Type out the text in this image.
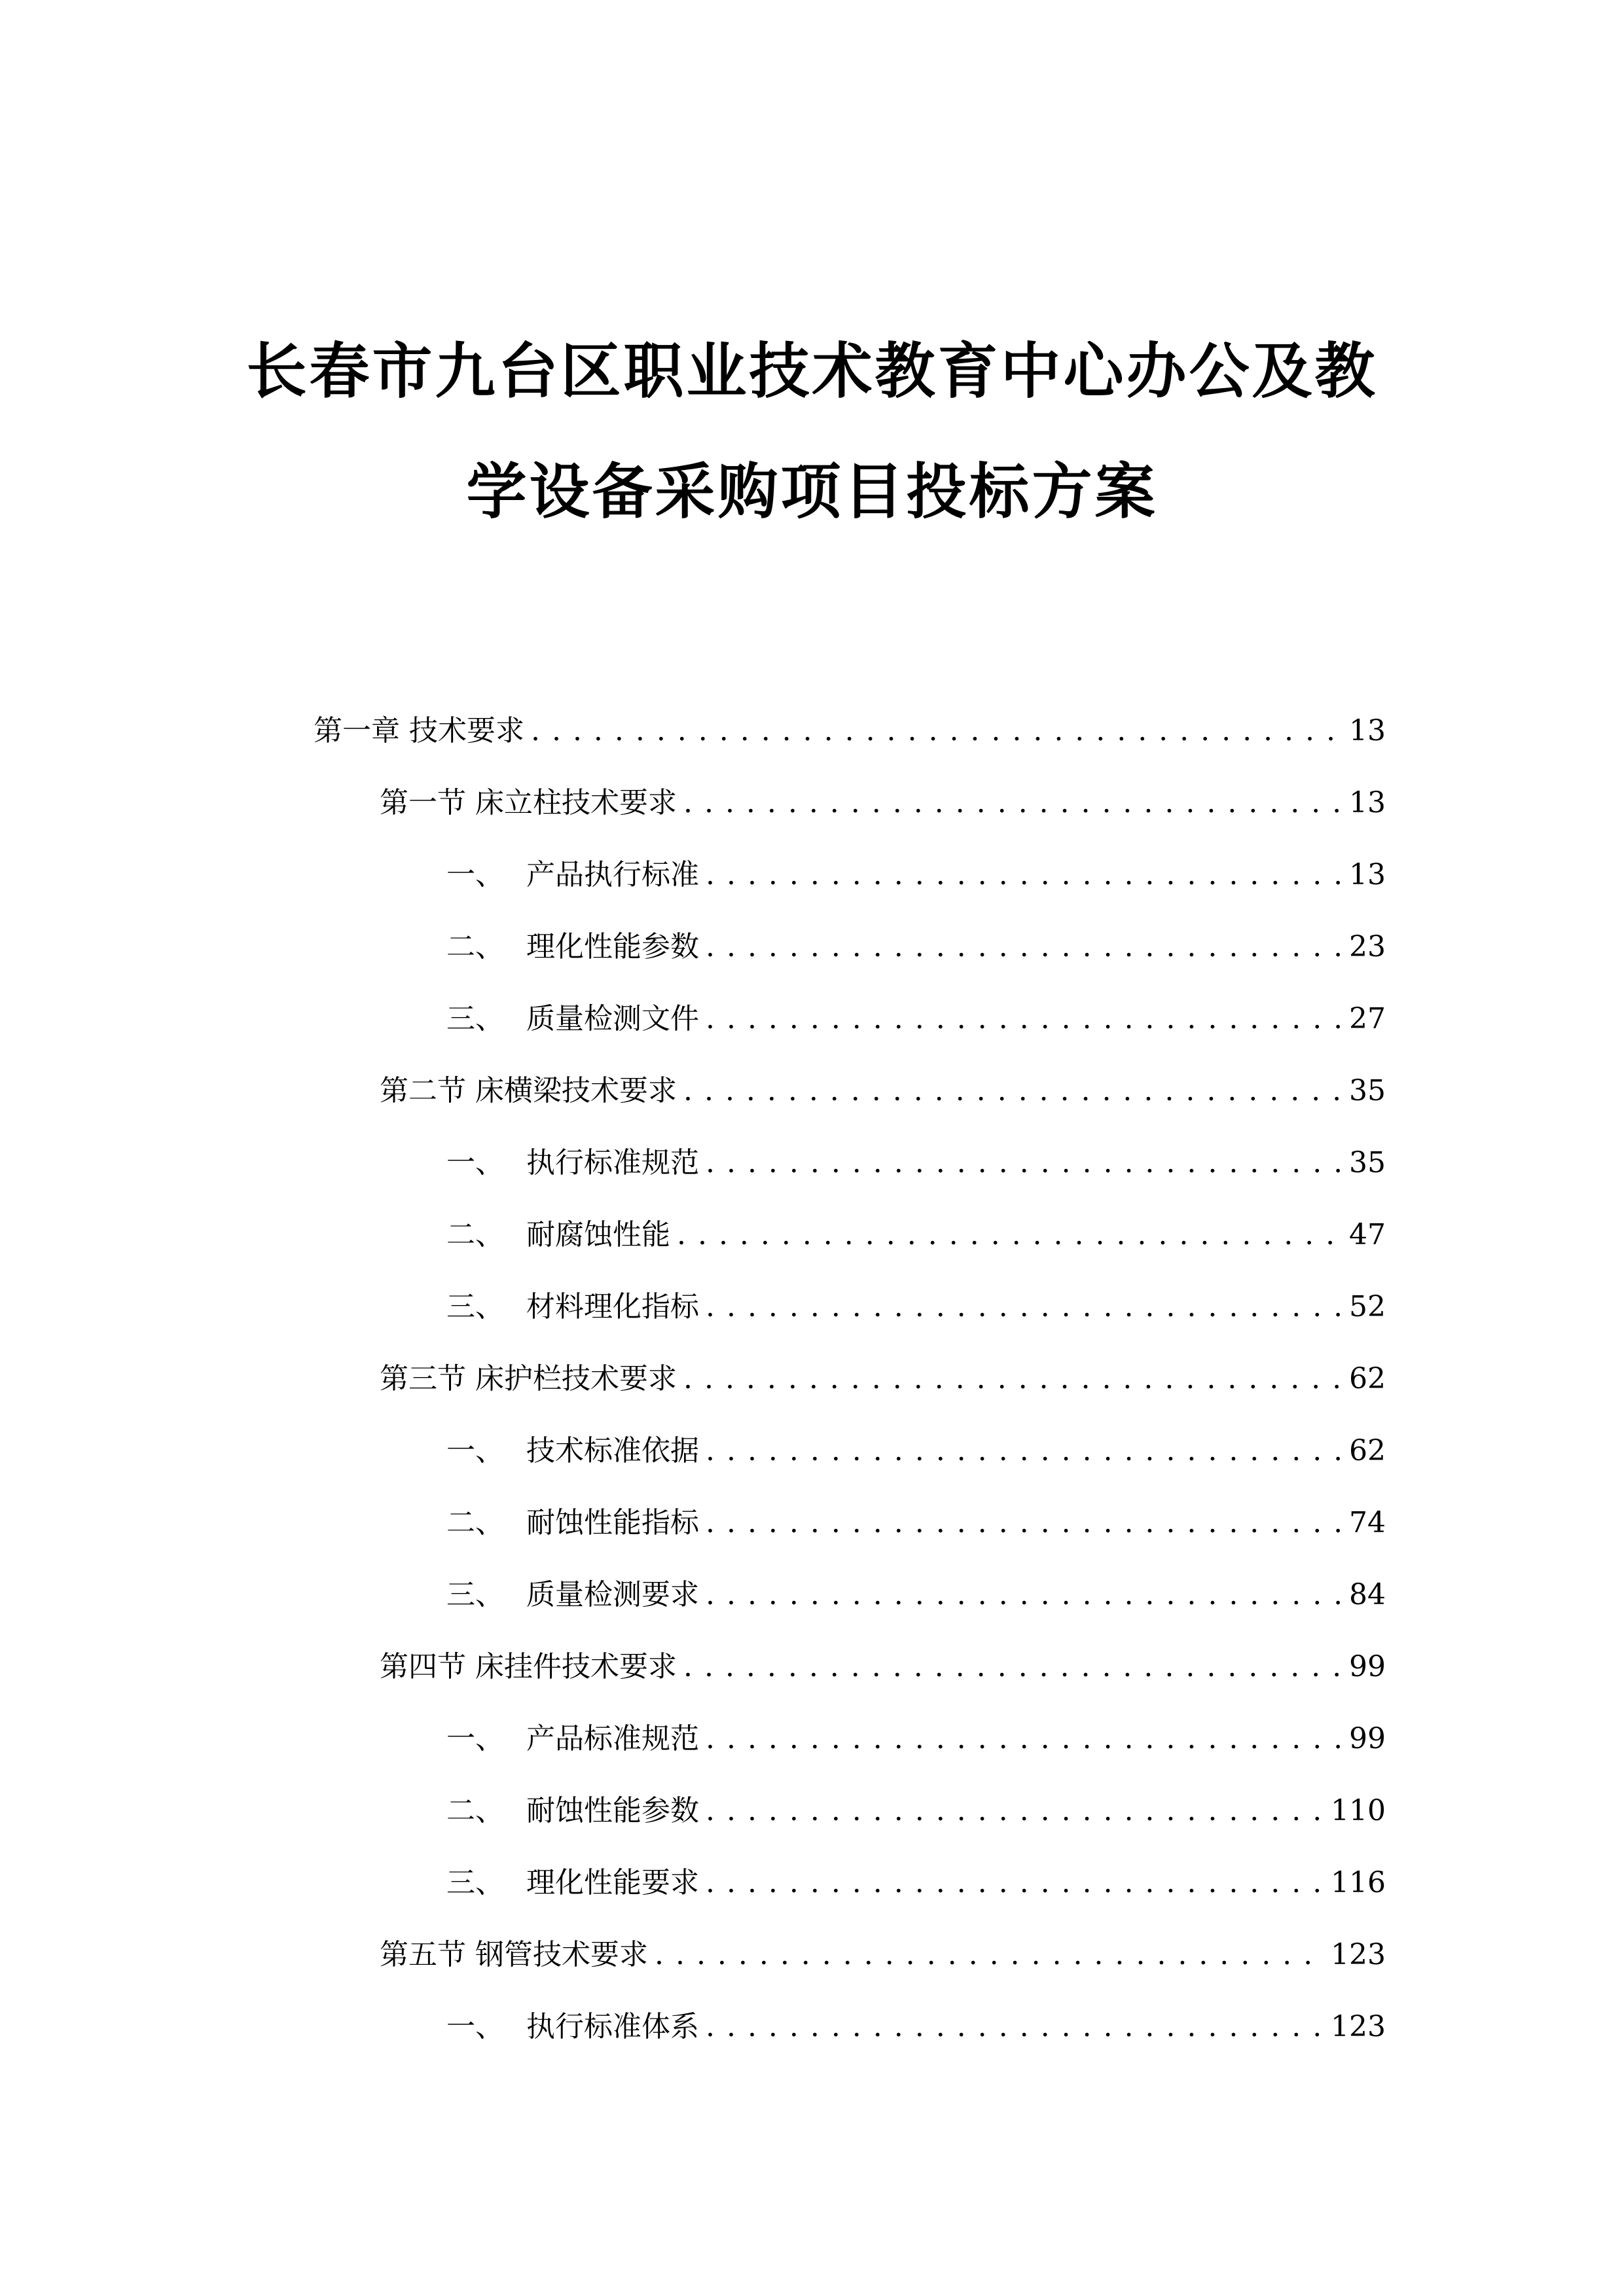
长春市九台区职业技术教育中心办公及教
学设备采购项目投标方案
第一章 技术要求 . . .	13
第一节 床立柱技术要求 . . .	13
一、 产品执行标准 . . .	13
二、 理化性能参数 . . .	23
三、 质量检测文件 . . .	27
第二节 床横梁技术要求 . . .	35
一、 执行标准规范 . . .	35
二、 耐腐蚀性能 . . .	47
三、 材料理化指标 . . .	52
第三节 床护栏技术要求 . . .	62
一、 技术标准依据 . . .	62
二、 耐蚀性能指标 . . .	74
三、 质量检测要求 . . .	84
第四节 床挂件技术要求 . . .	99
一、 产品标准规范 . . .	99
二、 耐蚀性能参数 . . .	110
三、 理化性能要求 . . .	116
第五节 钢管技术要求 . . .	123
一、 执行标准体系 . . .	123
